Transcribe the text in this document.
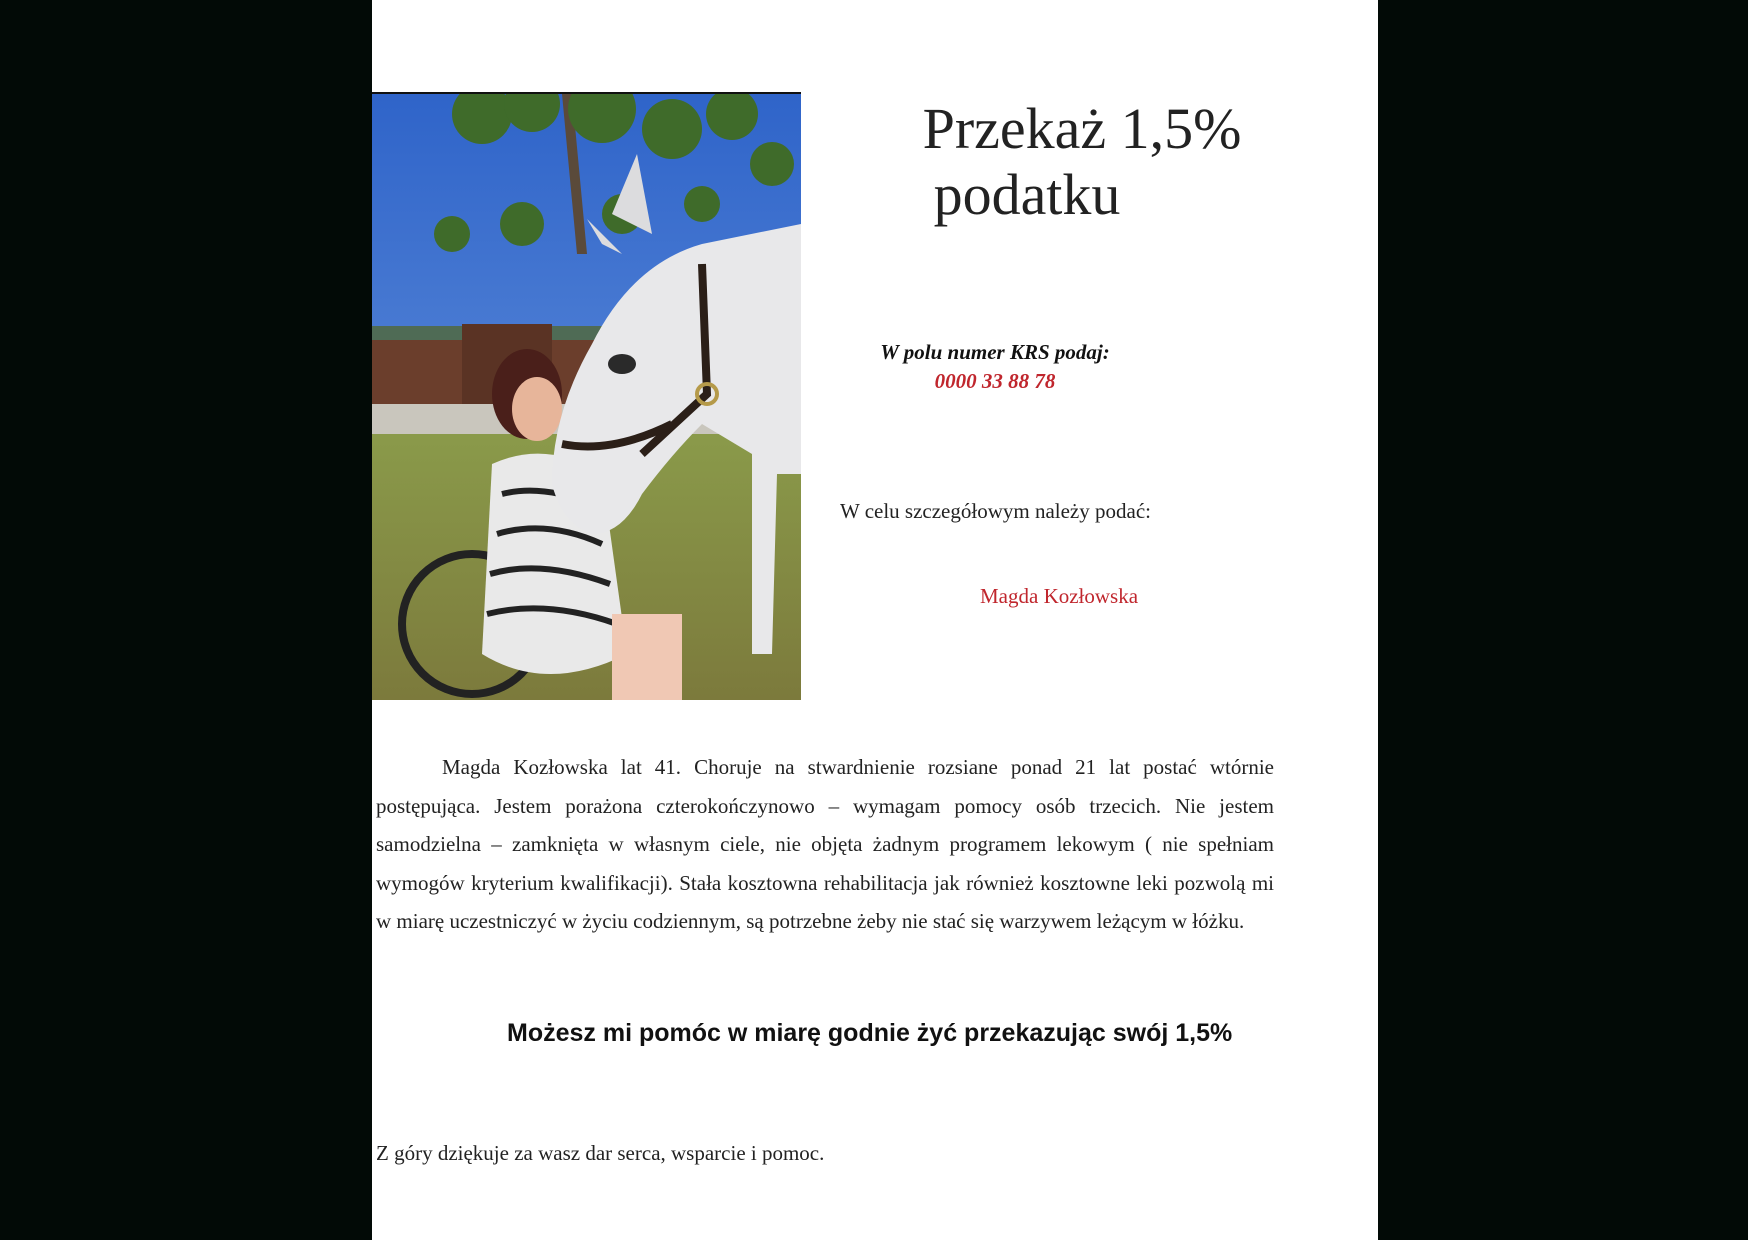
Przekaż 1,5%
podatku
W polu numer KRS podaj:
0000 33 88 78
W celu szczegółowym należy podać:
Magda Kozłowska

Magda Kozłowska lat 41. Choruje na stwardnienie rozsiane ponad 21 lat postać wtórnie postępująca. Jestem porażona czterokończynowo – wymagam pomocy osób trzecich. Nie jestem samodzielna – zamknięta w własnym ciele, nie objęta żadnym programem lekowym ( nie spełniam wymogów kryterium kwalifikacji). Stała kosztowna rehabilitacja jak również kosztowne leki pozwolą mi w miarę uczestniczyć w życiu codziennym, są potrzebne żeby nie stać się warzywem leżącym w łóżku.

Możesz mi pomóc w miarę godnie żyć przekazując swój 1,5%
Z góry dziękuje za wasz dar serca, wsparcie i pomoc.
